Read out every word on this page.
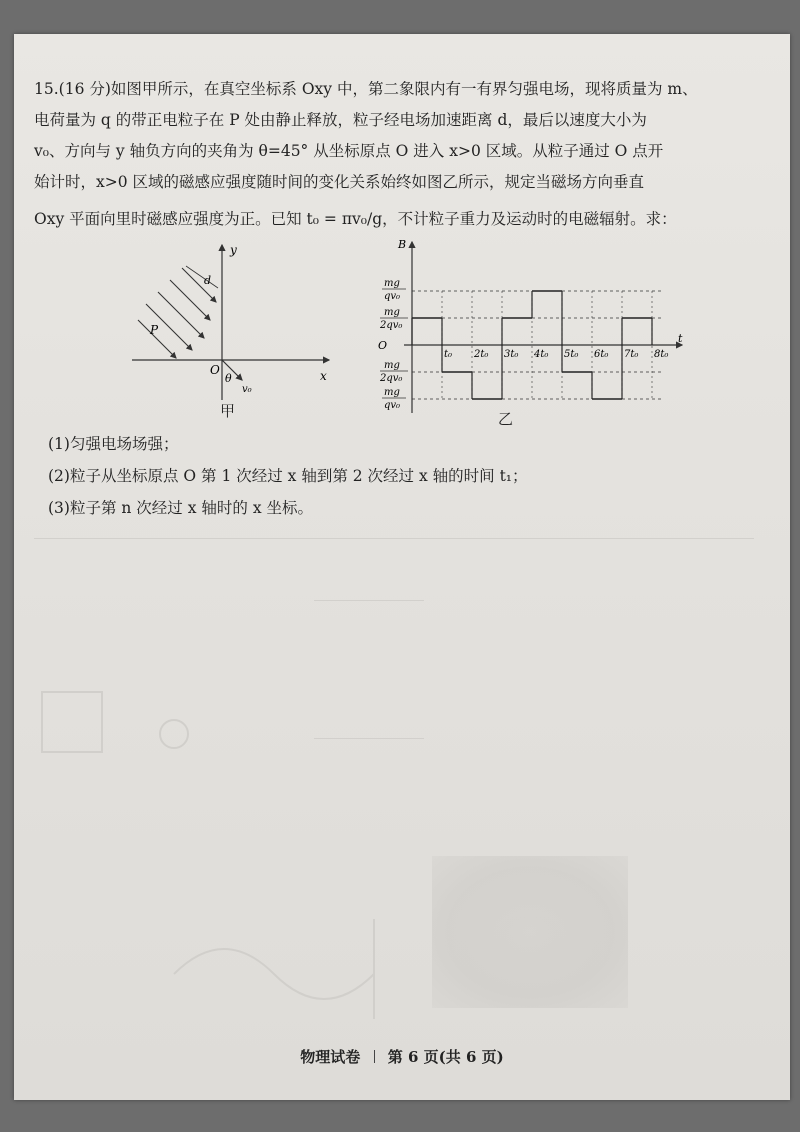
15.(16 分)如图甲所示，在真空坐标系 Oxy 中，第二象限内有一有界匀强电场，现将质量为 m、

电荷量为 q 的带正电粒子在 P 处由静止释放，粒子经电场加速距离 d，最后以速度大小为

v₀、方向与 y 轴负方向的夹角为 θ=45° 从坐标原点 O 进入 x>0 区域。从粒子通过 O 点开

始计时，x>0 区域的磁感应强度随时间的变化关系始终如图乙所示，规定当磁场方向垂直

Oxy 平面向里时磁感应强度为正。已知 t₀ = πv₀/g，不计粒子重力及运动时的电磁辐射。求：

d
P
θ
v₀
O	x
y
甲
B
t
O
mg
qv₀
mg
2qv₀
mg
2qv₀
mg
qv₀
t₀ 2t₀ 3t₀ 4t₀ 5t₀ 6t₀ 7t₀ 8t₀
乙
(1)匀强电场场强；
(2)粒子从坐标原点 O 第 1 次经过 x 轴到第 2 次经过 x 轴的时间 t₁；
(3)粒子第 n 次经过 x 轴时的 x 坐标。
物理试卷 第 6 页(共 6 页)
